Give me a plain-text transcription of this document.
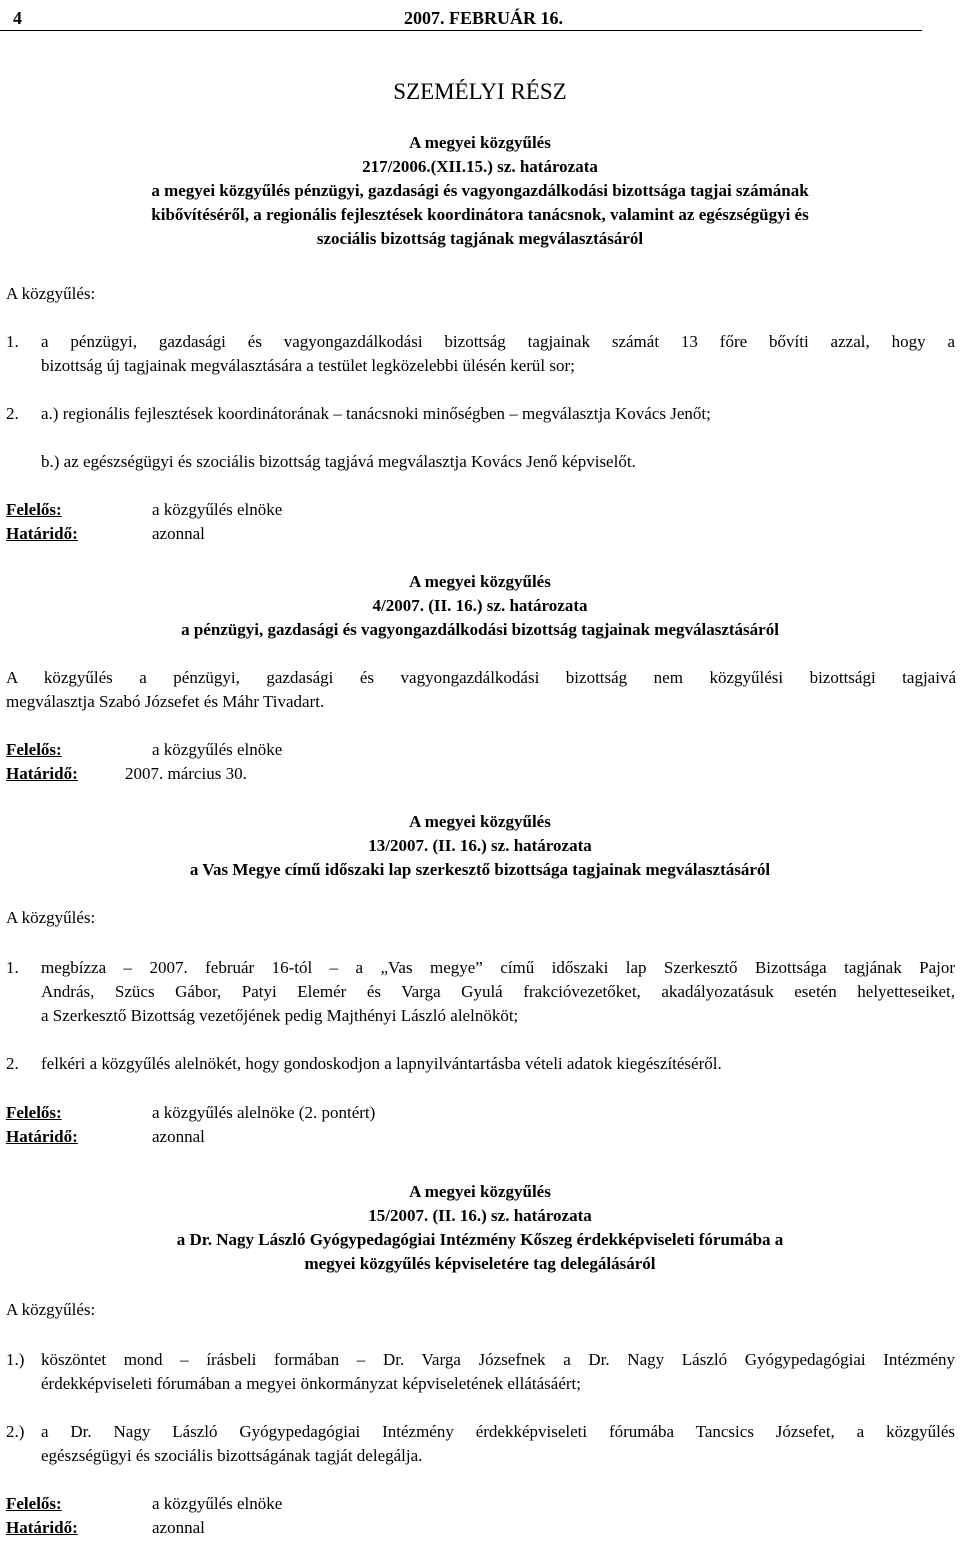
4	2007. FEBRUÁR 16.
SZEMÉLYI RÉSZ
A megyei közgyűlés
217/2006.(XII.15.) sz. határozata
a megyei közgyűlés pénzügyi, gazdasági és vagyongazdálkodási bizottsága tagjai számának
kibővítéséről, a regionális fejlesztések koordinátora tanácsnok, valamint az egészségügyi és
szociális bizottság tagjának megválasztásáról
A közgyűlés:
1. a pénzügyi, gazdasági és vagyongazdálkodási bizottság tagjainak számát 13 főre bővíti azzal, hogy a
bizottság új tagjainak megválasztására a testület legközelebbi ülésén kerül sor;
2. a.) regionális fejlesztések koordinátorának – tanácsnoki minőségben – megválasztja Kovács Jenőt;
b.) az egészségügyi és szociális bizottság tagjává megválasztja Kovács Jenő képviselőt.
Felelős:	a közgyűlés elnöke
Határidő:	azonnal
A megyei közgyűlés
4/2007. (II. 16.) sz. határozata
a pénzügyi, gazdasági és vagyongazdálkodási bizottság tagjainak megválasztásáról
A közgyűlés a pénzügyi, gazdasági és vagyongazdálkodási bizottság nem közgyűlési bizottsági tagjaivá
megválasztja Szabó Józsefet és Máhr Tivadart.
Felelős:	a közgyűlés elnöke
Határidő:	2007. március 30.
A megyei közgyűlés
13/2007. (II. 16.) sz. határozata
a Vas Megye című időszaki lap szerkesztő bizottsága tagjainak megválasztásáról
A közgyűlés:
1. megbízza – 2007. február 16-tól – a „Vas megye” című időszaki lap Szerkesztő Bizottsága tagjának Pajor
András, Szücs Gábor, Patyi Elemér és Varga Gyulá frakcióvezetőket, akadályozatásuk esetén helyetteseiket,
a Szerkesztő Bizottság vezetőjének pedig Majthényi László alelnököt;
2. felkéri a közgyűlés alelnökét, hogy gondoskodjon a lapnyilvántartásba vételi adatok kiegészítéséről.
Felelős:	a közgyűlés alelnöke (2. pontért)
Határidő:	azonnal
A megyei közgyűlés
15/2007. (II. 16.) sz. határozata
a Dr. Nagy László Gyógypedagógiai Intézmény Kőszeg érdekképviseleti fórumába a
megyei közgyűlés képviseletére tag delegálásáról
A közgyűlés:
1.) köszöntet mond – írásbeli formában – Dr. Varga Józsefnek a Dr. Nagy László Gyógypedagógiai Intézmény
érdekképviseleti fórumában a megyei önkormányzat képviseletének ellátásáért;
2.) a Dr. Nagy László Gyógypedagógiai Intézmény érdekképviseleti fórumába Tancsics Józsefet, a közgyűlés
egészségügyi és szociális bizottságának tagját delegálja.
Felelős:	a közgyűlés elnöke
Határidő:	azonnal
